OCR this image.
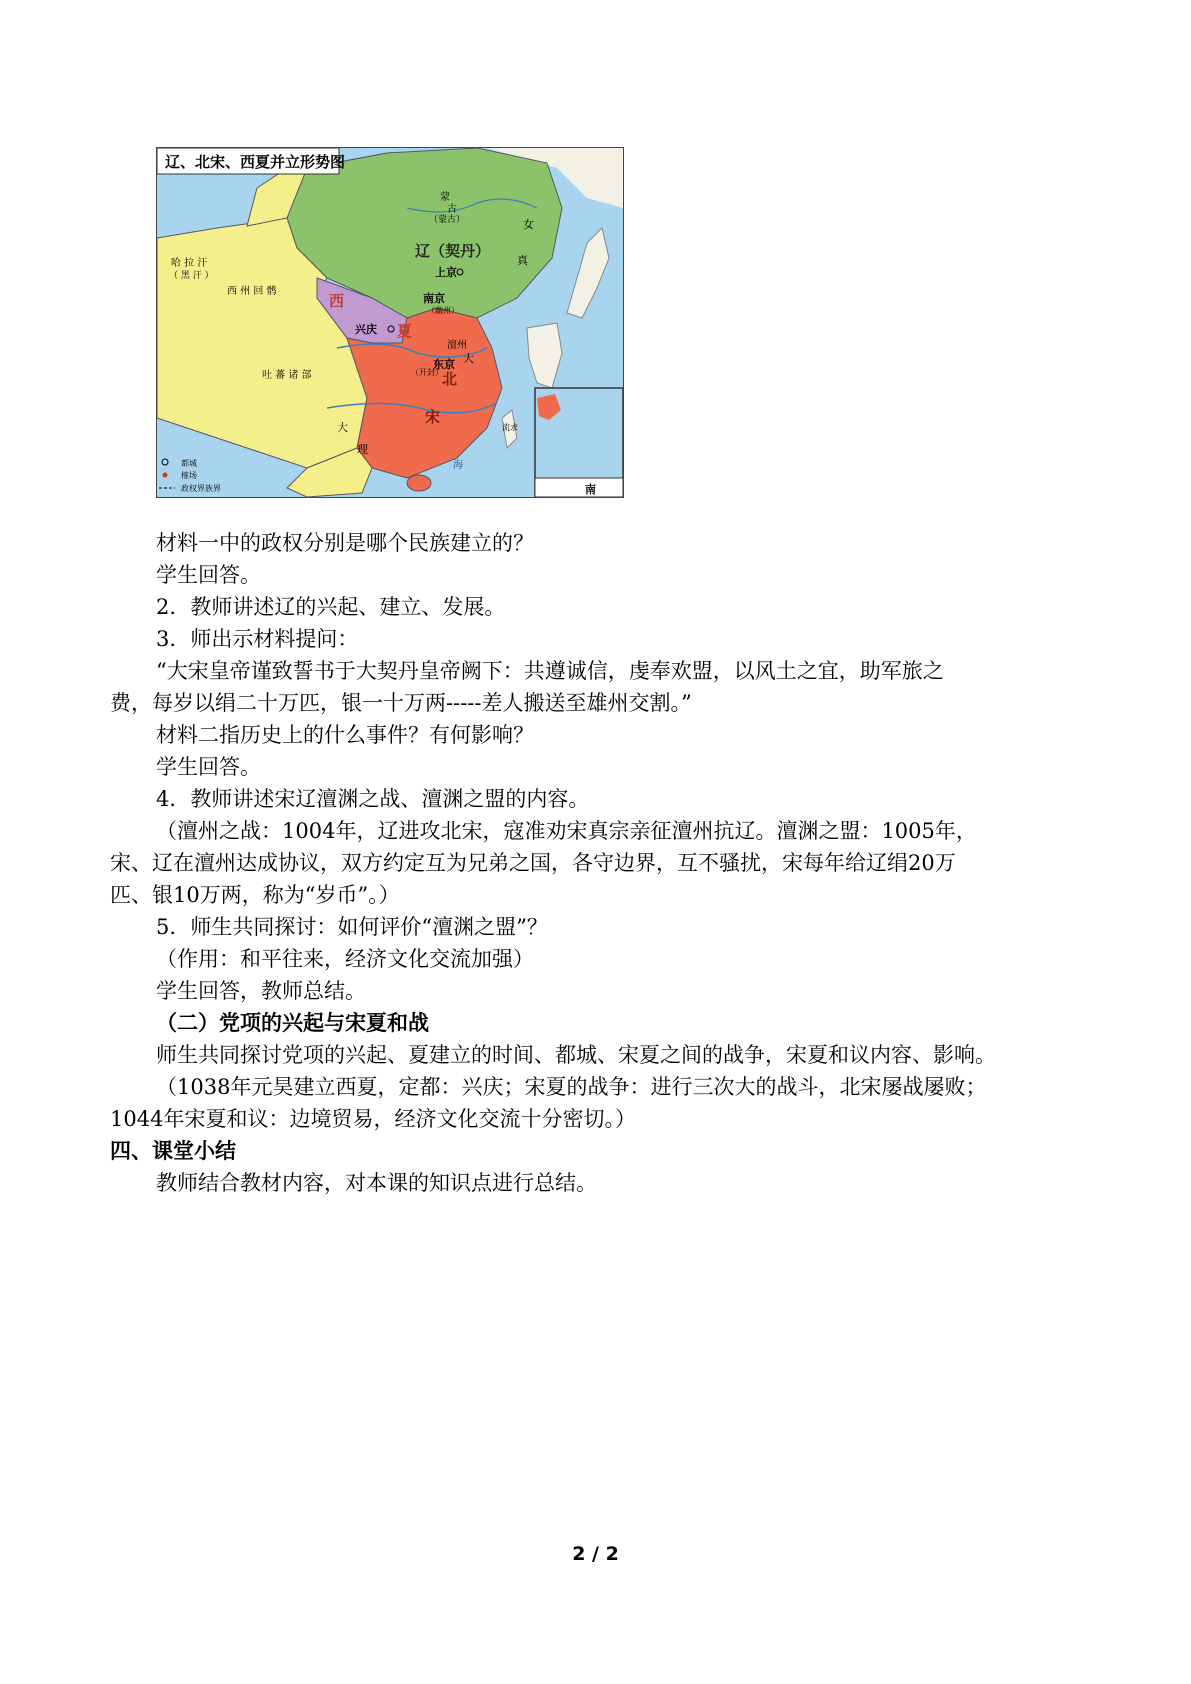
辽、北宋、西夏并立形势图
蒙
古
（蒙古）	女
真
辽（契丹）
上京
南京
（幽州）
哈 拉 汗
（ 黑 汗 ）
西 州 回 鹘
西
夏
兴庆
澶州
大
东京
（开封） 北
宋
吐 蕃 诸 部
大
理
流求
海
南
都城
榷场
政权界族界
材料一中的政权分别是哪个民族建立的？
学生回答。
2．教师讲述辽的兴起、建立、发展。
3．师出示材料提问：
“大宋皇帝谨致誓书于大契丹皇帝阙下：共遵诚信，虔奉欢盟，以风土之宜，助军旅之
费，每岁以绢二十万匹，银一十万两-----差人搬送至雄州交割。”
材料二指历史上的什么事件？有何影响？
学生回答。
4．教师讲述宋辽澶渊之战、澶渊之盟的内容。
（澶州之战：1004年，辽进攻北宋，寇准劝宋真宗亲征澶州抗辽。澶渊之盟：1005年，
宋、辽在澶州达成协议，双方约定互为兄弟之国，各守边界，互不骚扰，宋每年给辽绢20万
匹、银10万两，称为“岁币”。）
5．师生共同探讨：如何评价“澶渊之盟”？
（作用：和平往来，经济文化交流加强）
学生回答，教师总结。
（二）党项的兴起与宋夏和战
师生共同探讨党项的兴起、夏建立的时间、都城、宋夏之间的战争，宋夏和议内容、影响。
（1038年元昊建立西夏，定都：兴庆；宋夏的战争：进行三次大的战斗，北宋屡战屡败；
1044年宋夏和议：边境贸易，经济文化交流十分密切。）
四、课堂小结
教师结合教材内容，对本课的知识点进行总结。
2 / 2
